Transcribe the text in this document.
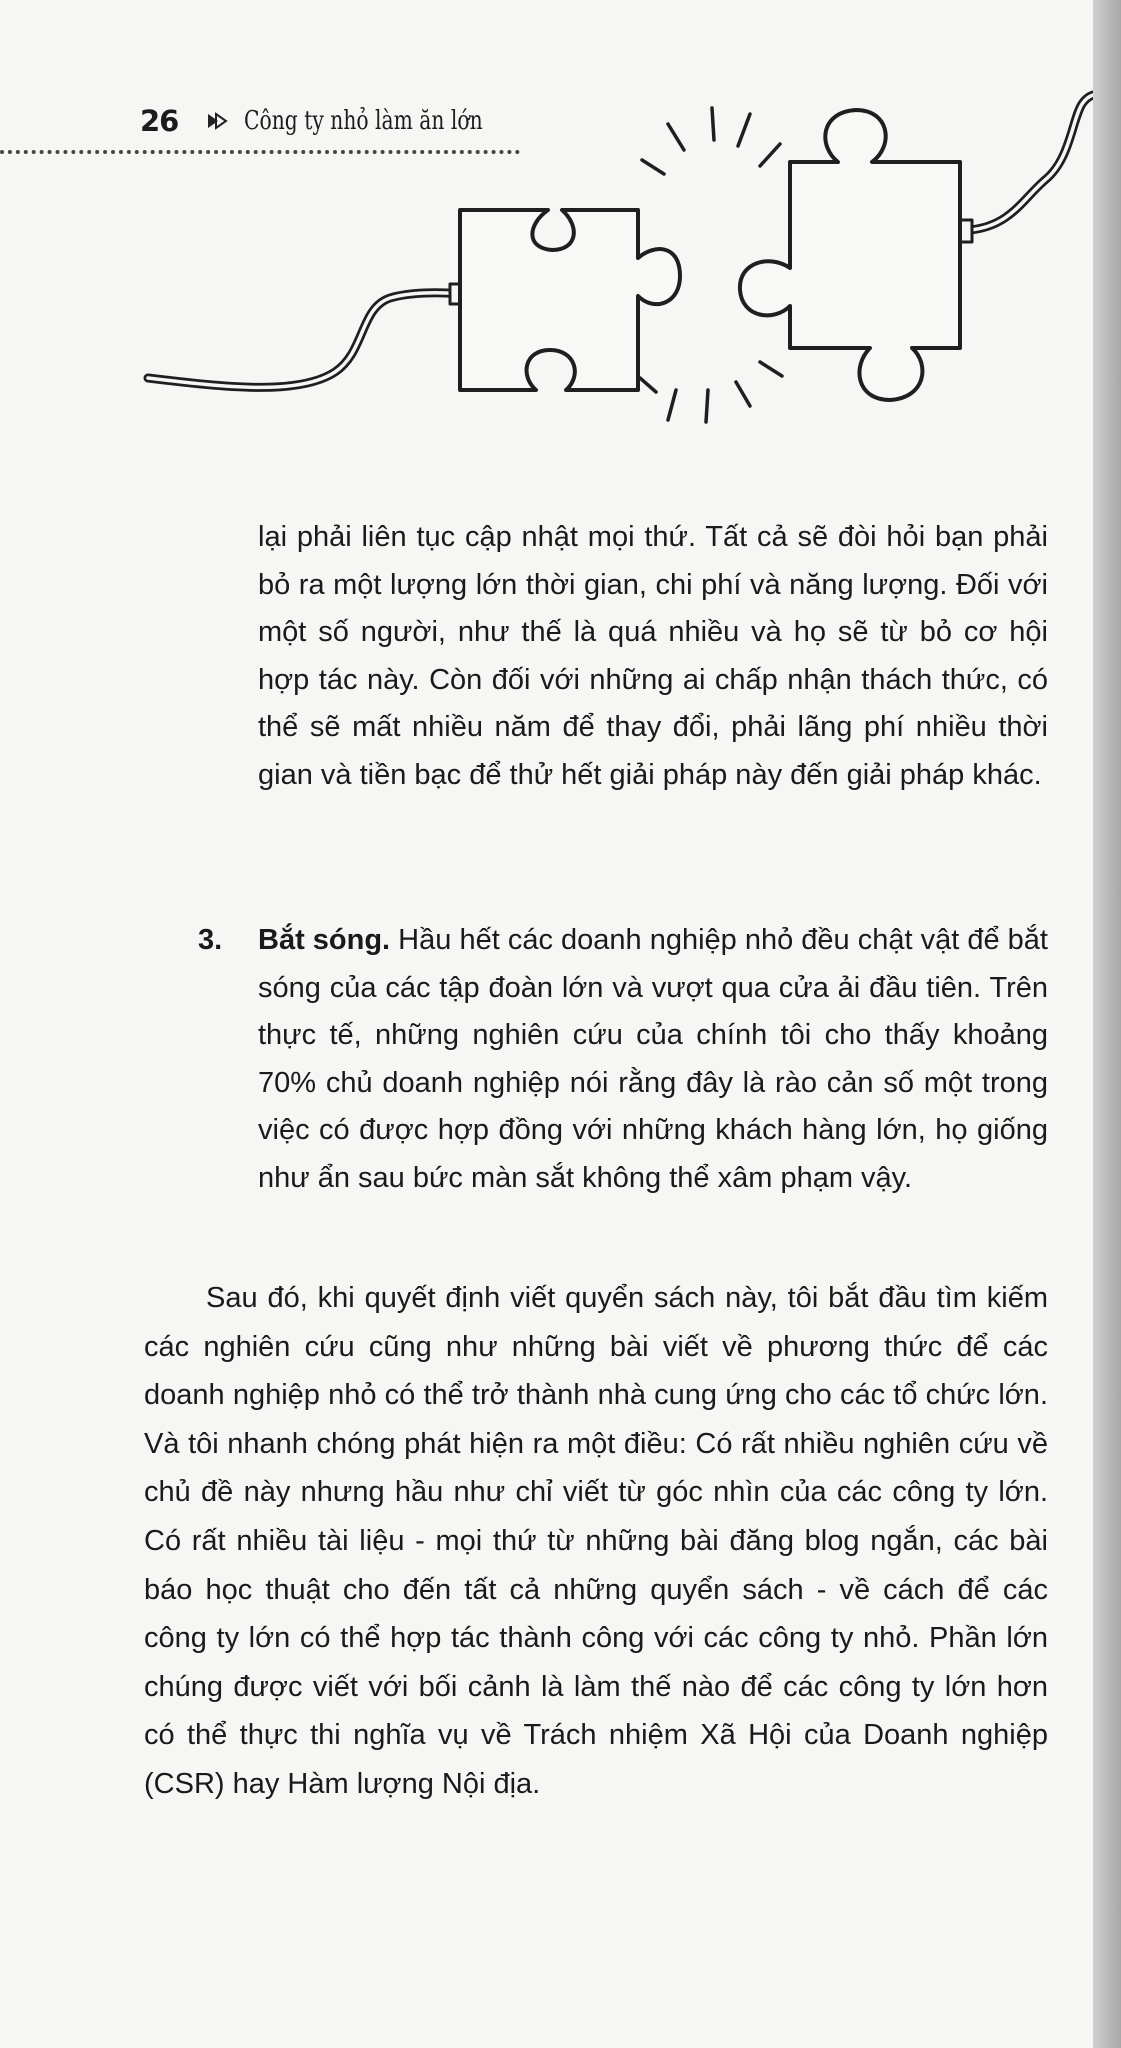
26	Công ty nhỏ làm ăn lớn

lại phải liên tục cập nhật mọi thứ. Tất cả sẽ đòi hỏi bạn phải bỏ ra một lượng lớn thời gian, chi phí và năng lượng. Đối với một số người, như thế là quá nhiều và họ sẽ từ bỏ cơ hội hợp tác này. Còn đối với những ai chấp nhận thách thức, có thể sẽ mất nhiều năm để thay đổi, phải lãng phí nhiều thời gian và tiền bạc để thử hết giải pháp này đến giải pháp khác.

3. Bắt sóng. Hầu hết các doanh nghiệp nhỏ đều chật vật để bắt sóng của các tập đoàn lớn và vượt qua cửa ải đầu tiên. Trên thực tế, những nghiên cứu của chính tôi cho thấy khoảng 70% chủ doanh nghiệp nói rằng đây là rào cản số một trong việc có được hợp đồng với những khách hàng lớn, họ giống như ẩn sau bức màn sắt không thể xâm phạm vậy.

Sau đó, khi quyết định viết quyển sách này, tôi bắt đầu tìm kiếm các nghiên cứu cũng như những bài viết về phương thức để các doanh nghiệp nhỏ có thể trở thành nhà cung ứng cho các tổ chức lớn. Và tôi nhanh chóng phát hiện ra một điều: Có rất nhiều nghiên cứu về chủ đề này nhưng hầu như chỉ viết từ góc nhìn của các công ty lớn. Có rất nhiều tài liệu - mọi thứ từ những bài đăng blog ngắn, các bài báo học thuật cho đến tất cả những quyển sách - về cách để các công ty lớn có thể hợp tác thành công với các công ty nhỏ. Phần lớn chúng được viết với bối cảnh là làm thế nào để các công ty lớn hơn có thể thực thi nghĩa vụ về Trách nhiệm Xã Hội của Doanh nghiệp (CSR) hay Hàm lượng Nội địa.
